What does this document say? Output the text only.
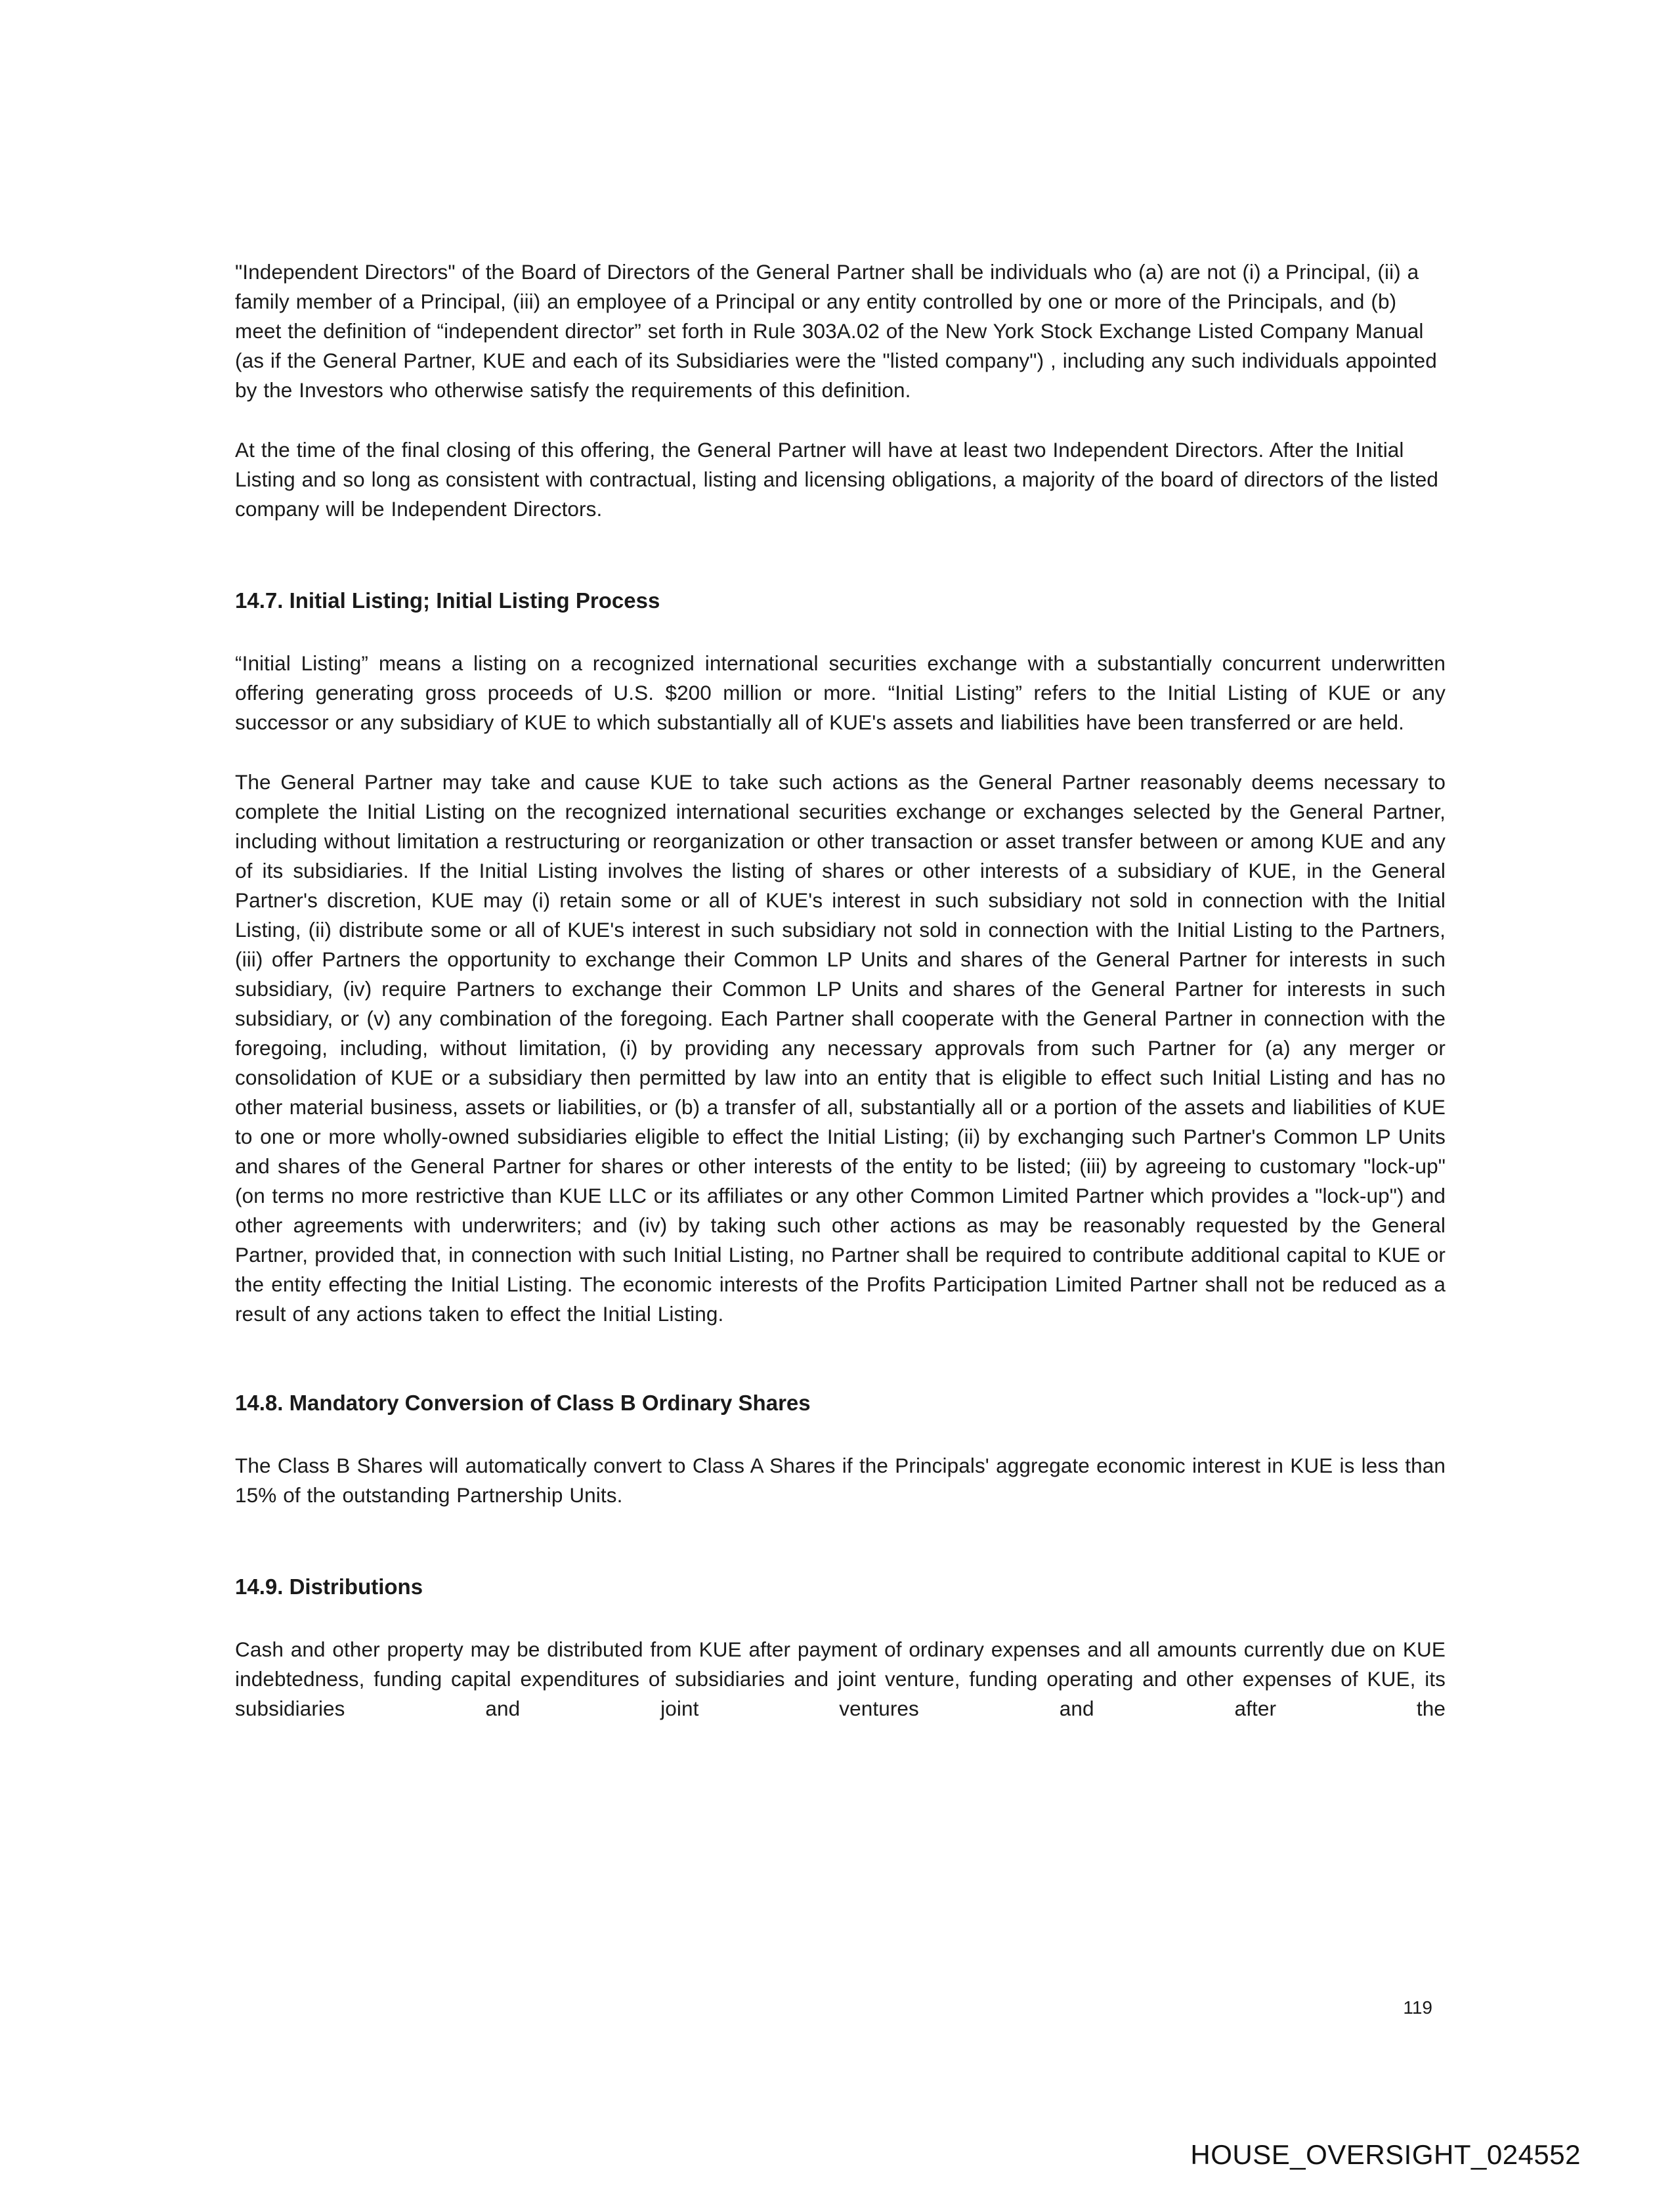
"Independent Directors" of the Board of Directors of the General Partner shall be individuals who (a) are not (i) a Principal, (ii) a family member of a Principal, (iii) an employee of a Principal or any entity controlled by one or more of the Principals, and (b) meet the definition of “independent director” set forth in Rule 303A.02 of the New York Stock Exchange Listed Company Manual (as if the General Partner, KUE and each of its Subsidiaries were the "listed company") , including any such individuals appointed by the Investors who otherwise satisfy the requirements of this definition.

At the time of the final closing of this offering, the General Partner will have at least two Independent Directors. After the Initial Listing and so long as consistent with contractual, listing and licensing obligations, a majority of the board of directors of the listed company will be Independent Directors.

14.7. Initial Listing; Initial Listing Process

“Initial Listing” means a listing on a recognized international securities exchange with a substantially concurrent underwritten offering generating gross proceeds of U.S. $200 million or more. “Initial Listing” refers to the Initial Listing of KUE or any successor or any subsidiary of KUE to which substantially all of KUE's assets and liabilities have been transferred or are held.

The General Partner may take and cause KUE to take such actions as the General Partner reasonably deems necessary to complete the Initial Listing on the recognized international securities exchange or exchanges selected by the General Partner, including without limitation a restructuring or reorganization or other transaction or asset transfer between or among KUE and any of its subsidiaries. If the Initial Listing involves the listing of shares or other interests of a subsidiary of KUE, in the General Partner's discretion, KUE may (i) retain some or all of KUE's interest in such subsidiary not sold in connection with the Initial Listing, (ii) distribute some or all of KUE's interest in such subsidiary not sold in connection with the Initial Listing to the Partners, (iii) offer Partners the opportunity to exchange their Common LP Units and shares of the General Partner for interests in such subsidiary, (iv) require Partners to exchange their Common LP Units and shares of the General Partner for interests in such subsidiary, or (v) any combination of the foregoing. Each Partner shall cooperate with the General Partner in connection with the foregoing, including, without limitation, (i) by providing any necessary approvals from such Partner for (a) any merger or consolidation of KUE or a subsidiary then permitted by law into an entity that is eligible to effect such Initial Listing and has no other material business, assets or liabilities, or (b) a transfer of all, substantially all or a portion of the assets and liabilities of KUE to one or more wholly-owned subsidiaries eligible to effect the Initial Listing; (ii) by exchanging such Partner's Common LP Units and shares of the General Partner for shares or other interests of the entity to be listed; (iii) by agreeing to customary "lock-up" (on terms no more restrictive than KUE LLC or its affiliates or any other Common Limited Partner which provides a "lock-up") and other agreements with underwriters; and (iv) by taking such other actions as may be reasonably requested by the General Partner, provided that, in connection with such Initial Listing, no Partner shall be required to contribute additional capital to KUE or the entity effecting the Initial Listing. The economic interests of the Profits Participation Limited Partner shall not be reduced as a result of any actions taken to effect the Initial Listing.

14.8. Mandatory Conversion of Class B Ordinary Shares

The Class B Shares will automatically convert to Class A Shares if the Principals' aggregate economic interest in KUE is less than 15% of the outstanding Partnership Units.

14.9. Distributions

Cash and other property may be distributed from KUE after payment of ordinary expenses and all amounts currently due on KUE indebtedness, funding capital expenditures of subsidiaries and joint venture, funding operating and other expenses of KUE, its subsidiaries and joint ventures and after the

119
HOUSE_OVERSIGHT_024552
